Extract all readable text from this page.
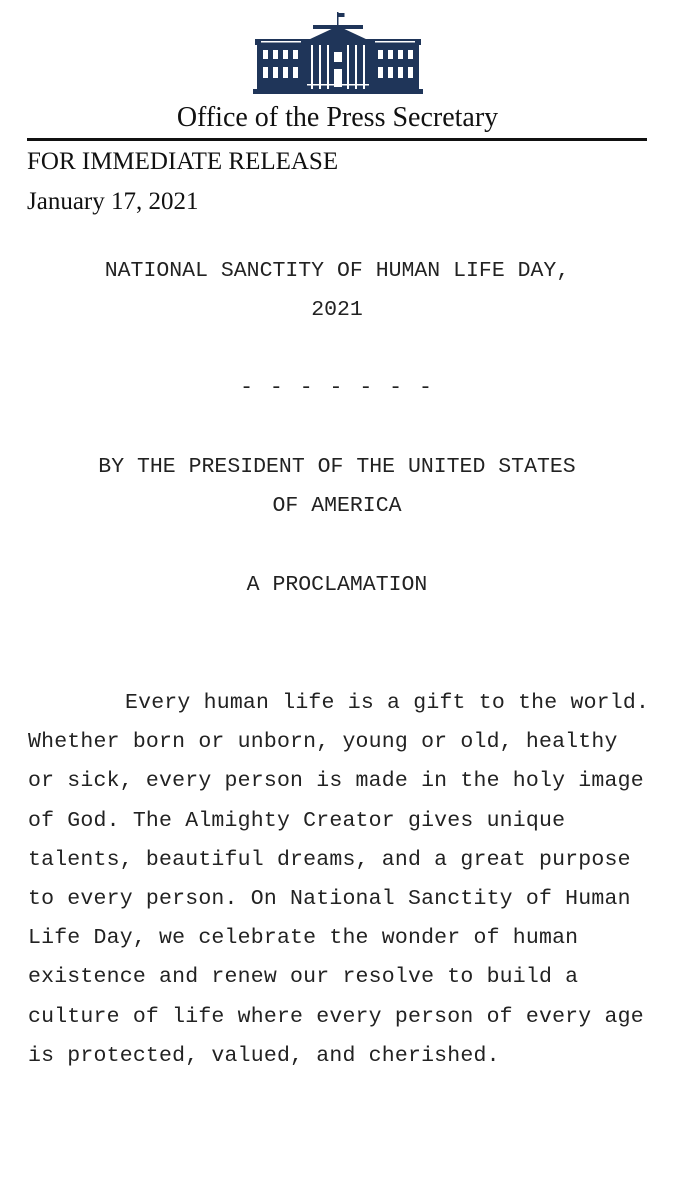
Office of the Press Secretary
FOR IMMEDIATE RELEASE
January 17, 2021
NATIONAL SANCTITY OF HUMAN LIFE DAY,
2021
- - - - - - -
BY THE PRESIDENT OF THE UNITED STATES
OF AMERICA
A PROCLAMATION

Every human life is a gift to the world. Whether born or unborn, young or old, healthy or sick, every person is made in the holy image of God. The Almighty Creator gives unique talents, beautiful dreams, and a great purpose to every person. On National Sanctity of Human Life Day, we celebrate the wonder of human existence and renew our resolve to build a culture of life where every person of every age is protected, valued, and cherished.
